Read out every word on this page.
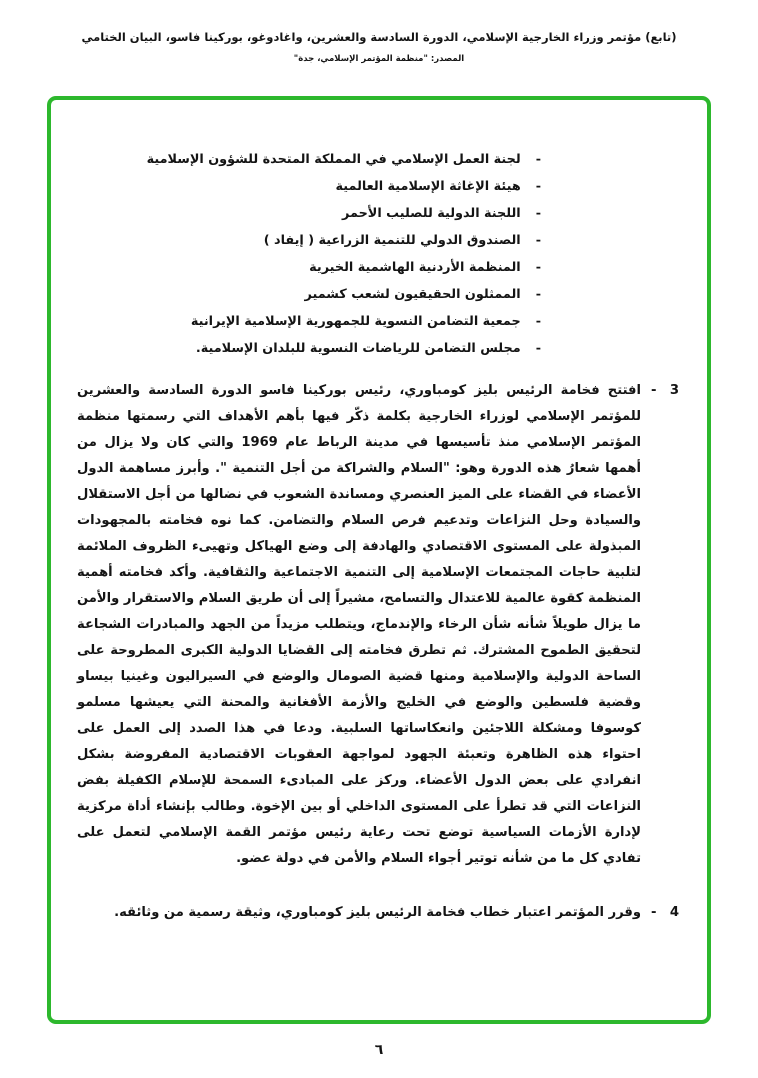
(تابع) مؤتمر وزراء الخارجية الإسلامي، الدورة السادسة والعشرين، واغادوغو، بوركينا فاسو، البيان الختامي
المصدر: "منظمة المؤتمر الإسلامي، جدة"
-
لجنة العمل الإسلامي في المملكة المتحدة للشؤون الإسلامية
-
هيئة الإغاثة الإسلامية العالمية
-
اللجنة الدولية للصليب الأحمر
-
الصندوق الدولي للتنمية الزراعية ( إيفاد )
-
المنظمة الأردنية الهاشمية الخيرية
-
الممثلون الحقيقيون لشعب كشمير
-
جمعية التضامن النسوية للجمهورية الإسلامية الإيرانية
-
مجلس التضامن للرياضات النسوية للبلدان الإسلامية.
3
-
افتتح فخامة الرئيس بليز كومباوري، رئيس بوركينا فاسو الدورة السادسة والعشرين للمؤتمر الإسلامي لوزراء الخارجية بكلمة ذكّر فيها بأهم الأهداف التي رسمتها منظمة المؤتمر الإسلامي منذ تأسيسها في مدينة الرباط عام 1969 والتي كان ولا يزال من أهمها شعارُ هذه الدورة وهو: "السلام والشراكة من أجل التنمية ". وأبرز مساهمة الدول الأعضاء في القضاء على الميز العنصري ومساندة الشعوب في نضالها من أجل الاستقلال والسيادة وحل النزاعات وتدعيم فرص السلام والتضامن. كما نوه فخامته بالمجهودات المبذولة على المستوى الاقتصادي والهادفة إلى وضع الهياكل وتهيىء الظروف الملائمة لتلبية حاجات المجتمعات الإسلامية إلى التنمية الاجتماعية والثقافية. وأكد فخامته أهمية المنظمة كقوة عالمية للاعتدال والتسامح، مشيراً إلى أن طريق السلام والاستقرار والأمن ما يزال طويلاً شأنه شأن الرخاء والإندماج، ويتطلب مزيداً من الجهد والمبادرات الشجاعة لتحقيق الطموح المشترك. ثم تطرق فخامته إلى القضايا الدولية الكبرى المطروحة على الساحة الدولية والإسلامية ومنها قضية الصومال والوضع في السيراليون وغينيا بيساو وقضية فلسطين والوضع في الخليج والأزمة الأفغانية والمحنة التي يعيشها مسلمو كوسوفا ومشكلة اللاجئين وانعكاساتها السلبية. ودعا في هذا الصدد إلى العمل على احتواء هذه الظاهرة وتعبئة الجهود لمواجهة العقوبات الاقتصادية المفروضة بشكل انفرادي على بعض الدول الأعضاء. وركز على المبادىء السمحة للإسلام الكفيلة بفض النزاعات التي قد تطرأ على المستوى الداخلي أو بين الإخوة. وطالب بإنشاء أداة مركزية لإدارة الأزمات السياسية توضع تحت رعاية رئيس مؤتمر القمة الإسلامي لتعمل على تفادي كل ما من شأنه توتير أجواء السلام والأمن في دولة عضو.
4
-
وقرر المؤتمر اعتبار خطاب فخامة الرئيس بليز كومباوري، وثيقة رسمية من وثائقه.
٦
